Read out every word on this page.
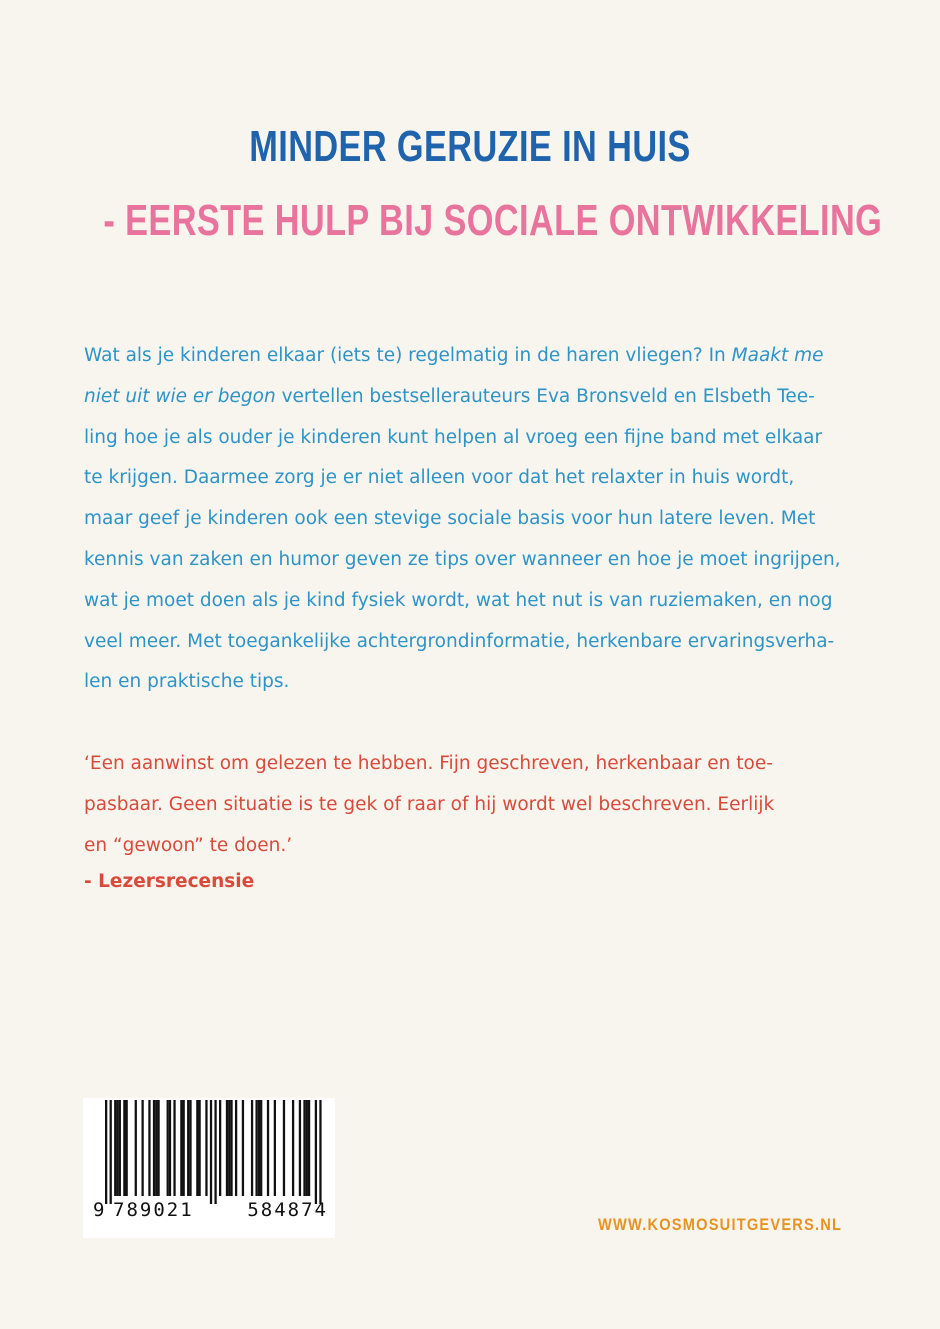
MINDER GERUZIE IN HUIS
- EERSTE HULP BIJ SOCIALE ONTWIKKELING

Wat als je kinderen elkaar (iets te) regelmatig in de haren vliegen? In Maakt me
niet uit wie er begon vertellen bestsellerauteurs Eva Bronsveld en Elsbeth Tee-
ling hoe je als ouder je kinderen kunt helpen al vroeg een fijne band met elkaar
te krijgen. Daarmee zorg je er niet alleen voor dat het relaxter in huis wordt,
maar geef je kinderen ook een stevige sociale basis voor hun latere leven. Met
kennis van zaken en humor geven ze tips over wanneer en hoe je moet ingrijpen,
wat je moet doen als je kind fysiek wordt, wat het nut is van ruziemaken, en nog
veel meer. Met toegankelijke achtergrondinformatie, herkenbare ervaringsverha-
len en praktische tips.

‘Een aanwinst om gelezen te hebben. Fijn geschreven, herkenbaar en toe-
pasbaar. Geen situatie is te gek of raar of hij wordt wel beschreven. Eerlijk
en “gewoon” te doen.’

- Lezersrecensie

9 789021	584874

WWW.KOSMOSUITGEVERS.NL
